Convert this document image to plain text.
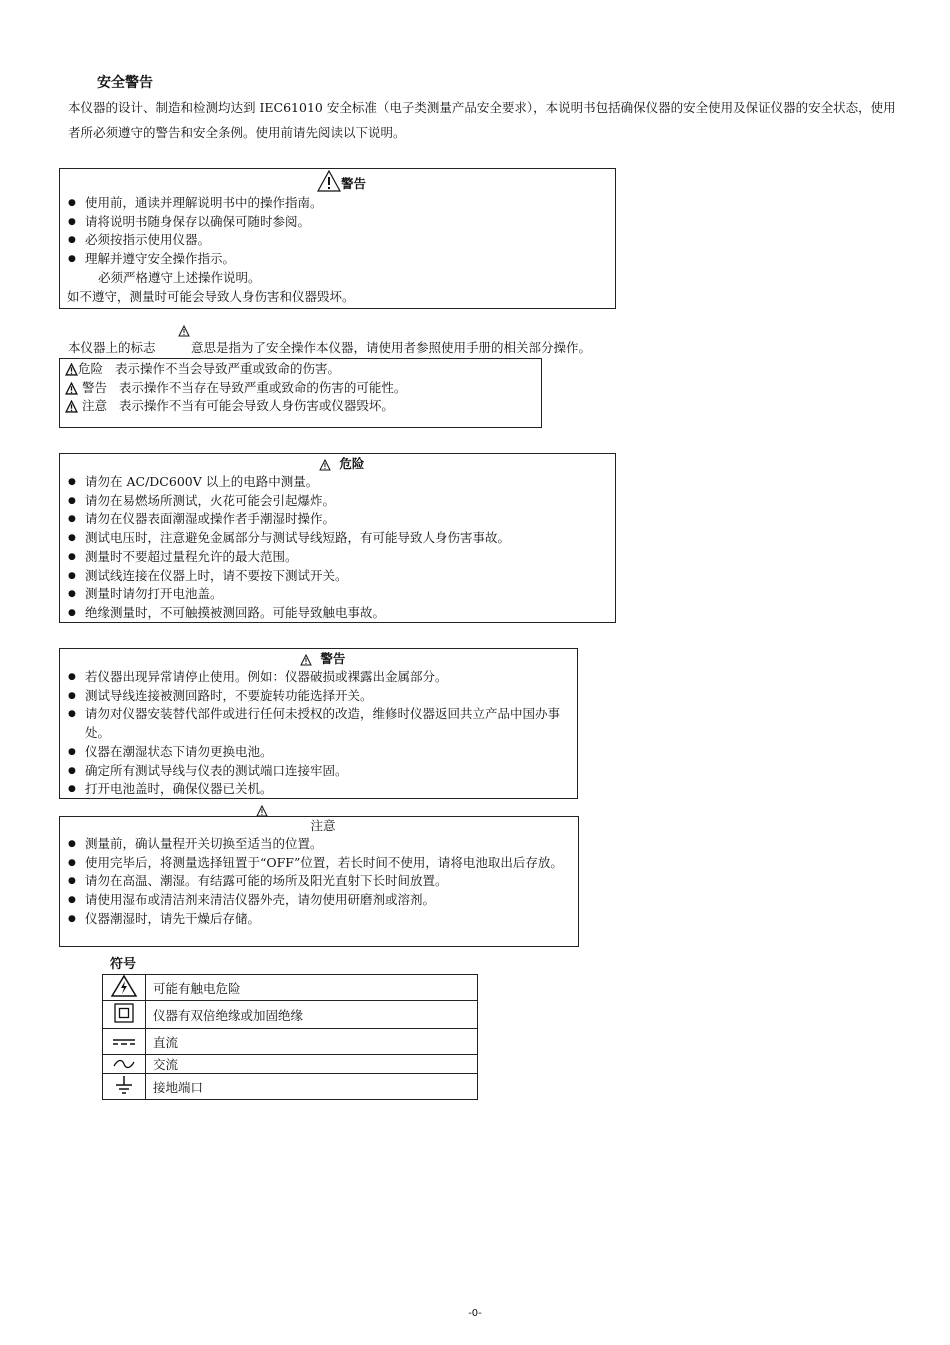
安全警告
本仪器的设计、制造和检测均达到 IEC61010 安全标准（电子类测量产品安全要求），本说明书包括确保仪器的安全使用及保证仪器的安全状态，使用者所必须遵守的警告和安全条例。使用前请先阅读以下说明。
警告
● 使用前，通读并理解说明书中的操作指南。
● 请将说明书随身保存以确保可随时参阅。
● 必须按指示使用仪器。
● 理解并遵守安全操作指示。
必须严格遵守上述操作说明。
如不遵守，测量时可能会导致人身伤害和仪器毁坏。
本仪器上的标志	意思是指为了安全操作本仪器，请使用者参照使用手册的相关部分操作。
危险 表示操作不当会导致严重或致命的伤害。
警告 表示操作不当存在导致严重或致命的伤害的可能性。
注意 表示操作不当有可能会导致人身伤害或仪器毁坏。
危险
● 请勿在 AC/DC600V 以上的电路中测量。
● 请勿在易燃场所测试，火花可能会引起爆炸。
● 请勿在仪器表面潮湿或操作者手潮湿时操作。
● 测试电压时，注意避免金属部分与测试导线短路，有可能导致人身伤害事故。
● 测量时不要超过量程允许的最大范围。
● 测试线连接在仪器上时，请不要按下测试开关。
● 测量时请勿打开电池盖。
● 绝缘测量时，不可触摸被测回路。可能导致触电事故。
警告
● 若仪器出现异常请停止使用。例如：仪器破损或裸露出金属部分。
● 测试导线连接被测回路时，不要旋转功能选择开关。
● 请勿对仪器安装替代部件或进行任何未授权的改造，维修时仪器返回共立产品中国办事处。
● 仪器在潮湿状态下请勿更换电池。
● 确定所有测试导线与仪表的测试端口连接牢固。
● 打开电池盖时，确保仪器已关机。
注意
● 测量前，确认量程开关切换至适当的位置。
● 使用完毕后，将测量选择钮置于“OFF”位置，若长时间不使用，请将电池取出后存放。
● 请勿在高温、潮湿。有结露可能的场所及阳光直射下长时间放置。
● 请使用湿布或清洁剂来清洁仪器外壳，请勿使用研磨剂或溶剂。
● 仪器潮湿时，请先干燥后存储。
符号
	可能有触电危险
	仪器有双倍绝缘或加固绝缘
	直流
	交流
	接地端口
-0-
